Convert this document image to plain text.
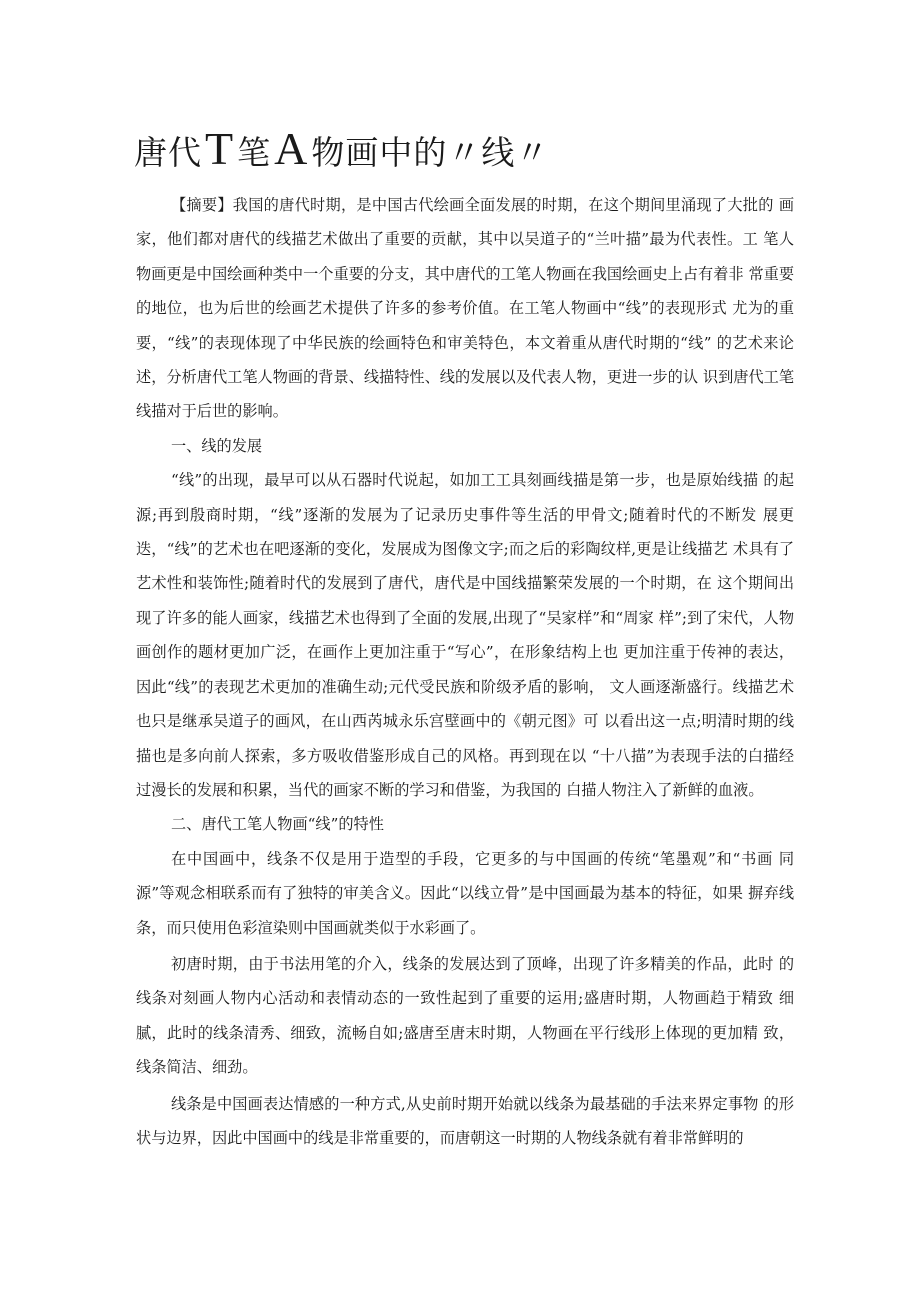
唐代T笔A物画中的〃线〃

【摘要】我国的唐代时期，是中国古代绘画全面发展的时期，在这个期间里涌现了大批的 画家，他们都对唐代的线描艺术做出了重要的贡献，其中以吴道子的“兰叶描”最为代表性。工 笔人物画更是中国绘画种类中一个重要的分支，其中唐代的工笔人物画在我国绘画史上占有着非 常重要的地位，也为后世的绘画艺术提供了许多的参考价值。在工笔人物画中“线”的表现形式 尤为的重要，“线”的表现体现了中华民族的绘画特色和审美特色，本文着重从唐代时期的“线” 的艺术来论述，分析唐代工笔人物画的背景、线描特性、线的发展以及代表人物，更进一步的认 识到唐代工笔线描对于后世的影响。

一、线的发展

“线”的出现，最早可以从石器时代说起，如加工工具刻画线描是第一步，也是原始线描 的起源;再到殷商时期，“线”逐渐的发展为了记录历史事件等生活的甲骨文;随着时代的不断发 展更迭，“线”的艺术也在吧逐渐的变化，发展成为图像文字;而之后的彩陶纹样,更是让线描艺 术具有了艺术性和装饰性;随着时代的发展到了唐代，唐代是中国线描繁荣发展的一个时期，在 这个期间出现了许多的能人画家，线描艺术也得到了全面的发展,出现了“吴家样”和“周家 样”;到了宋代，人物画创作的题材更加广泛，在画作上更加注重于“写心”，在形象结构上也 更加注重于传神的表达，因此“线”的表现艺术更加的准确生动;元代受民族和阶级矛盾的影响， 文人画逐渐盛行。线描艺术也只是继承吴道子的画风，在山西芮城永乐宫壁画中的《朝元图》可 以看出这一点;明清时期的线描也是多向前人探索，多方吸收借鉴形成自己的风格。再到现在以 “十八描”为表现手法的白描经过漫长的发展和积累，当代的画家不断的学习和借鉴，为我国的 白描人物注入了新鲜的血液。

二、唐代工笔人物画“线”的特性

在中国画中，线条不仅是用于造型的手段，它更多的与中国画的传统“笔墨观”和“书画 同源”等观念相联系而有了独特的审美含义。因此“以线立骨”是中国画最为基本的特征，如果 摒弃线条，而只使用色彩渲染则中国画就类似于水彩画了。

初唐时期，由于书法用笔的介入，线条的发展达到了顶峰，出现了许多精美的作品，此时 的线条对刻画人物内心活动和表情动态的一致性起到了重要的运用;盛唐时期，人物画趋于精致 细腻，此时的线条清秀、细致，流畅自如;盛唐至唐末时期，人物画在平行线形上体现的更加精 致，线条简洁、细劲。

线条是中国画表达情感的一种方式,从史前时期开始就以线条为最基础的手法来界定事物 的形状与边界，因此中国画中的线是非常重要的，而唐朝这一时期的人物线条就有着非常鲜明的
